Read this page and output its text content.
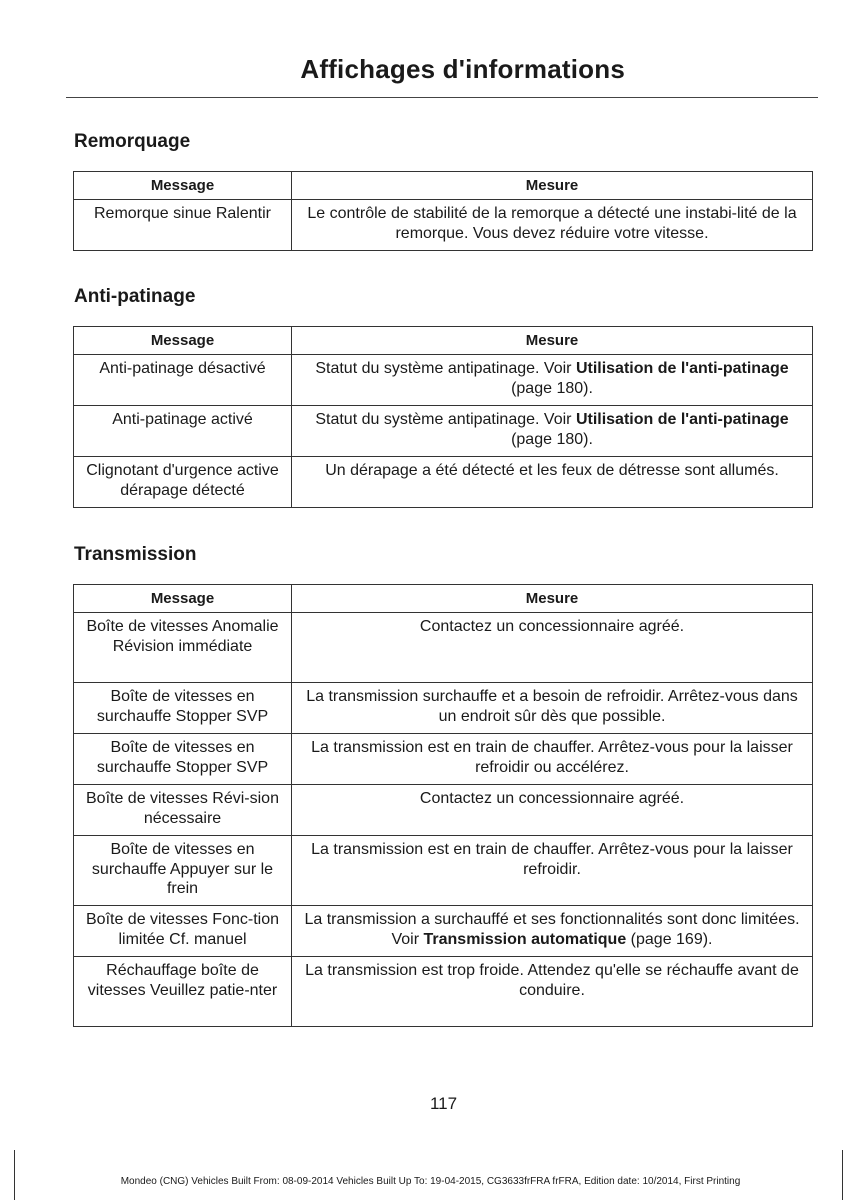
Affichages d'informations
Remorquage
Message	Mesure
Remorque sinue Ralentir	Le contrôle de stabilité de la remorque a détecté une instabi-lité de la remorque. Vous devez réduire votre vitesse.
Anti-patinage
Message	Mesure
Anti-patinage désactivé	Statut du système antipatinage. Voir Utilisation de l'anti-patinage (page 180).
Anti-patinage activé	Statut du système antipatinage. Voir Utilisation de l'anti-patinage (page 180).
Clignotant d'urgence active dérapage détecté	Un dérapage a été détecté et les feux de détresse sont allumés.
Transmission
Message	Mesure
Boîte de vitesses Anomalie Révision immédiate	Contactez un concessionnaire agréé.
Boîte de vitesses en surchauffe Stopper SVP	La transmission surchauffe et a besoin de refroidir. Arrêtez-vous dans un endroit sûr dès que possible.
Boîte de vitesses en surchauffe Stopper SVP	La transmission est en train de chauffer. Arrêtez-vous pour la laisser refroidir ou accélérez.
Boîte de vitesses Révi-sion nécessaire	Contactez un concessionnaire agréé.
Boîte de vitesses en surchauffe Appuyer sur le frein	La transmission est en train de chauffer. Arrêtez-vous pour la laisser refroidir.
Boîte de vitesses Fonc-tion limitée Cf. manuel	La transmission a surchauffé et ses fonctionnalités sont donc limitées. Voir Transmission automatique (page 169).
Réchauffage boîte de vitesses Veuillez patie-nter	La transmission est trop froide. Attendez qu'elle se réchauffe avant de conduire.
117
Mondeo (CNG) Vehicles Built From: 08-09-2014 Vehicles Built Up To: 19-04-2015, CG3633frFRA frFRA, Edition date: 10/2014, First Printing
